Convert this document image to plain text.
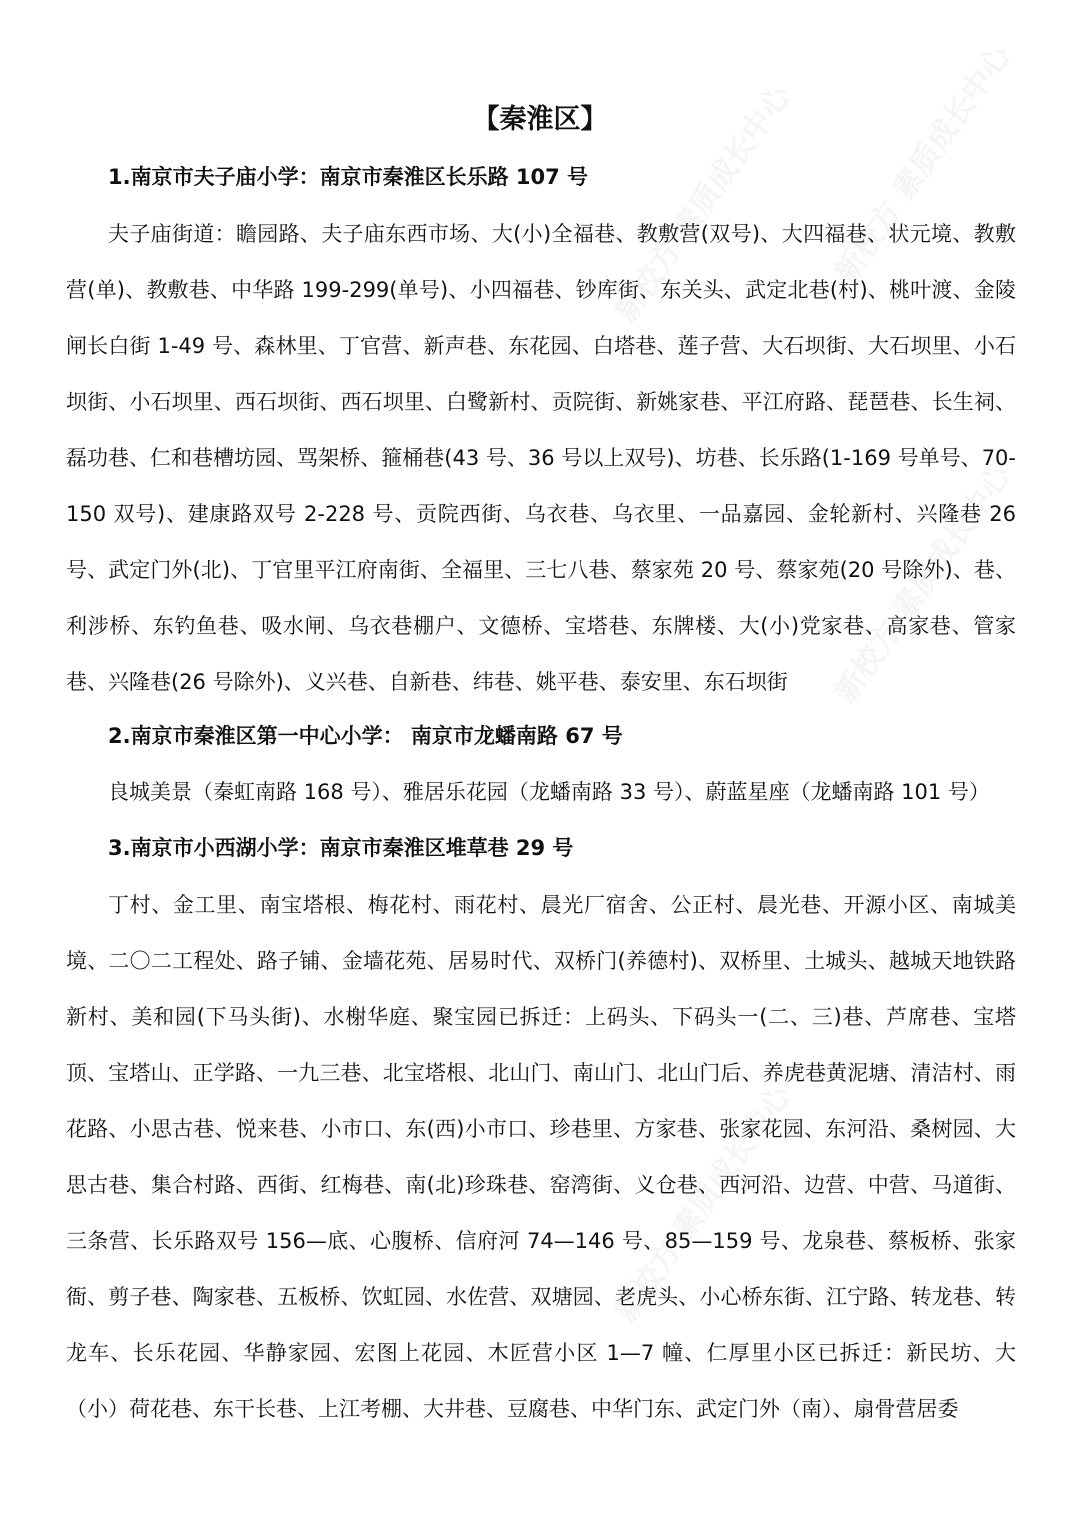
新校方 素质成长中心 新校方 素质成长中心
新校方 素质成长中心
新校方 素质成长中心
【秦淮区】
1.南京市夫子庙小学：南京市秦淮区长乐路 107 号

夫子庙街道：瞻园路、夫子庙东西市场、大(小)全福巷、教敷营(双号)、大四福巷、状元境、教敷营(单)、教敷巷、中华路 199-299(单号)、小四福巷、钞库街、东关头、武定北巷(村)、桃叶渡、金陵闸长白街 1-49 号、森林里、丁官营、新声巷、东花园、白塔巷、莲子营、大石坝街、大石坝里、小石坝街、小石坝里、西石坝街、西石坝里、白鹭新村、贡院街、新姚家巷、平江府路、琵琶巷、长生祠、磊功巷、仁和巷槽坊园、骂架桥、箍桶巷(43 号、36 号以上双号)、坊巷、长乐路(1-169 号单号、70-150 双号)、建康路双号 2-228 号、贡院西街、乌衣巷、乌衣里、一品嘉园、金轮新村、兴隆巷 26 号、武定门外(北)、丁官里平江府南街、全福里、三七八巷、蔡家苑 20 号、蔡家苑(20 号除外)、巷、利涉桥、东钓鱼巷、吸水闸、乌衣巷棚户、文德桥、宝塔巷、东牌楼、大(小)党家巷、高家巷、管家巷、兴隆巷(26 号除外)、义兴巷、自新巷、纬巷、姚平巷、泰安里、东石坝街

2.南京市秦淮区第一中心小学： 南京市龙蟠南路 67 号
良城美景（秦虹南路 168 号）、雅居乐花园（龙蟠南路 33 号）、蔚蓝星座（龙蟠南路 101 号）
3.南京市小西湖小学：南京市秦淮区堆草巷 29 号

丁村、金工里、南宝塔根、梅花村、雨花村、晨光厂宿舍、公正村、晨光巷、开源小区、南城美境、二〇二工程处、路子铺、金墙花苑、居易时代、双桥门(养德村)、双桥里、土城头、越城天地铁路新村、美和园(下马头街)、水榭华庭、聚宝园已拆迁：上码头、下码头一(二、三)巷、芦席巷、宝塔顶、宝塔山、正学路、一九三巷、北宝塔根、北山门、南山门、北山门后、养虎巷黄泥塘、清洁村、雨花路、小思古巷、悦来巷、小市口、东(西)小市口、珍巷里、方家巷、张家花园、东河沿、桑树园、大思古巷、集合村路、西街、红梅巷、南(北)珍珠巷、窑湾街、义仓巷、西河沿、边营、中营、马道街、三条营、长乐路双号 156—底、心腹桥、信府河 74—146 号、85—159 号、龙泉巷、蔡板桥、张家衙、剪子巷、陶家巷、五板桥、饮虹园、水佐营、双塘园、老虎头、小心桥东街、江宁路、转龙巷、转龙车、长乐花园、华静家园、宏图上花园、木匠营小区 1—7 幢、仁厚里小区已拆迁：新民坊、大（小）荷花巷、东干长巷、上江考棚、大井巷、豆腐巷、中华门东、武定门外（南）、扇骨营居委
